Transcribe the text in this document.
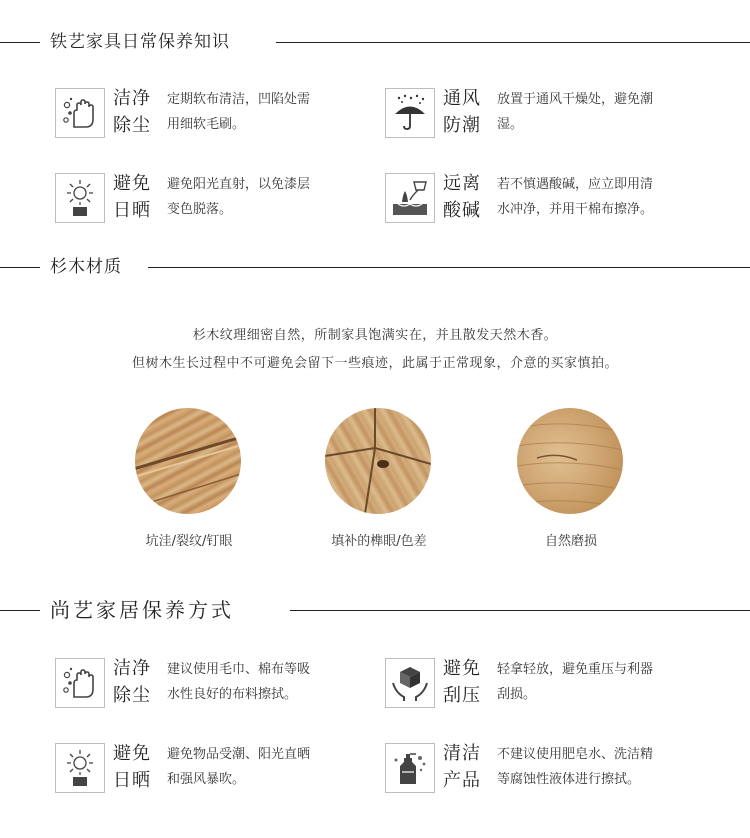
铁艺家具日常保养知识
洁净
除尘
定期软布清洁，凹陷处需
用细软毛刷。
通风
防潮
放置于通风干燥处，避免潮
湿。
避免
日晒
避免阳光直射，以免漆层
变色脱落。
远离
酸碱
若不慎遇酸碱，应立即用清
水冲净，并用干棉布擦净。
杉木材质
杉木纹理细密自然，所制家具饱满实在，并且散发天然木香。
但树木生长过程中不可避免会留下一些痕迹，此属于正常现象，介意的买家慎拍。
坑洼/裂纹/钉眼	填补的榫眼/色差	自然磨损
尚艺家居保养方式
洁净
除尘
建议使用毛巾、棉布等吸
水性良好的布料擦拭。
避免
刮压
轻拿轻放，避免重压与利器
刮损。
避免
日晒
避免物品受潮、阳光直晒
和强风暴吹。
清洁
产品
不建议使用肥皂水、洗洁精
等腐蚀性液体进行擦拭。
